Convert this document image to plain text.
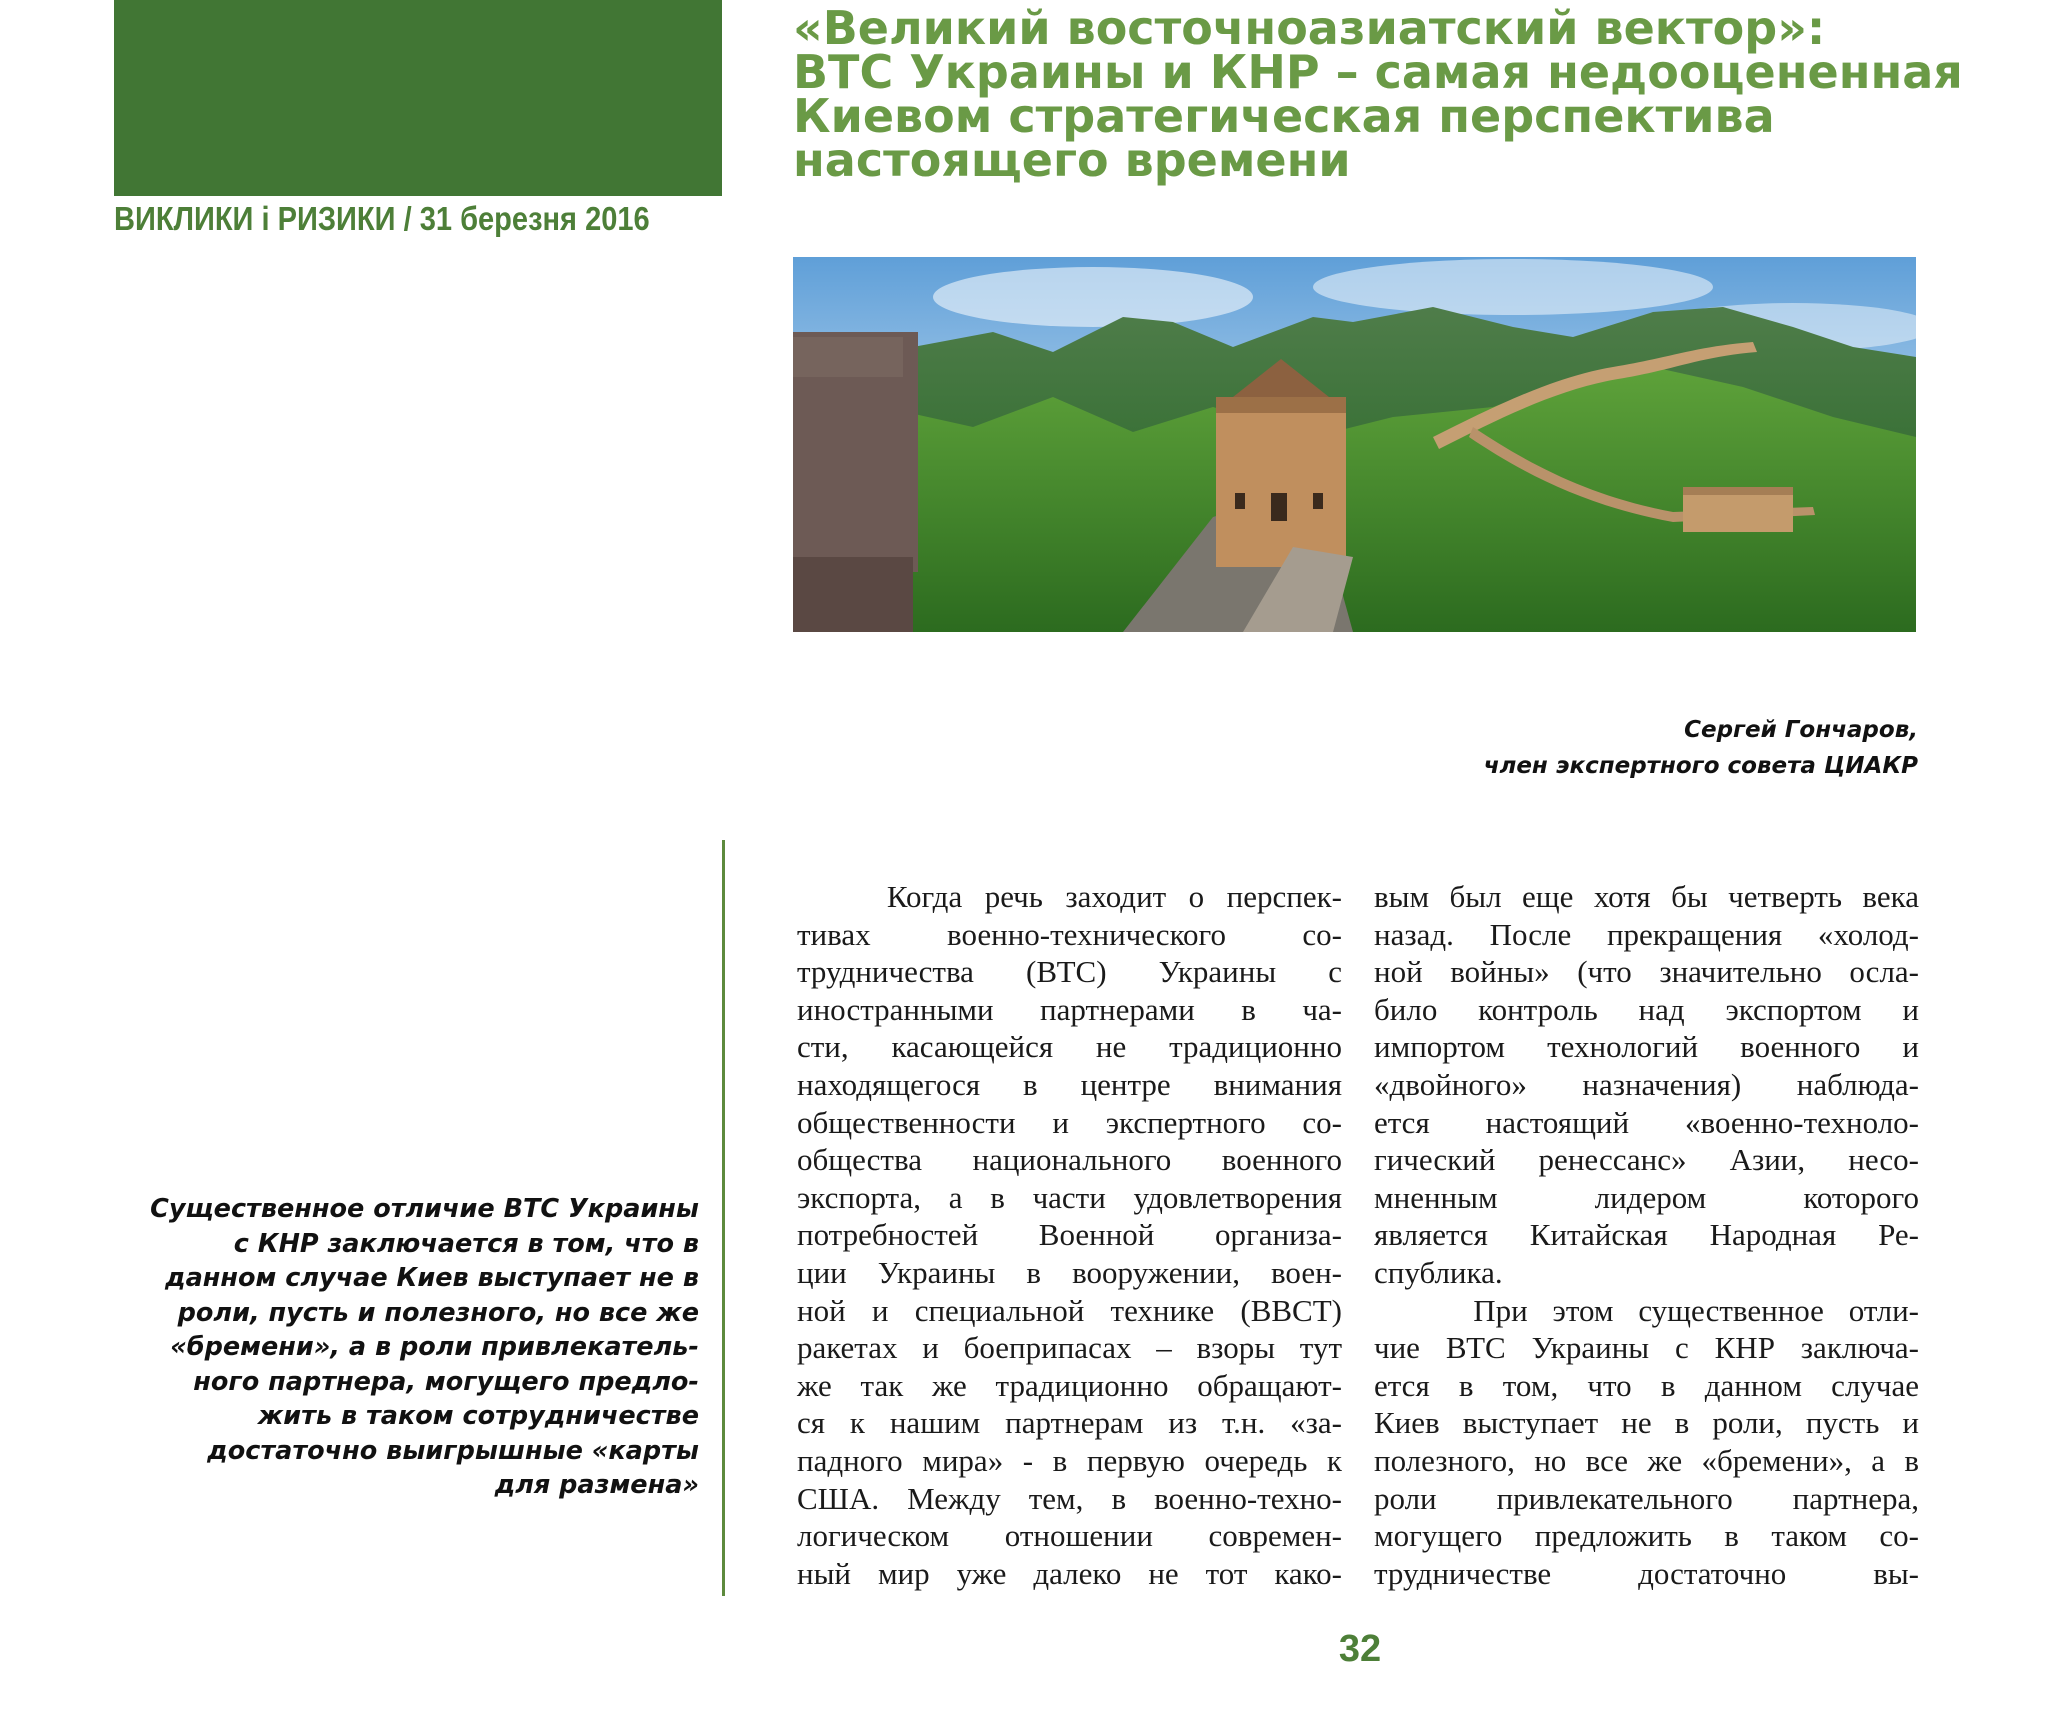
ВИКЛИКИ і РИЗИКИ / 31 березня 2016
«Великий восточноазиатский вектор»:
ВТС Украины и КНР – самая недооцененная
Киевом стратегическая перспектива
настоящего времени
Сергей Гончаров,
член экспертного совета ЦИАКР
Существенное отличие ВТС Украины
с КНР заключается в том, что в
данном случае Киев выступает не в
роли, пусть и полезного, но все же
«бремени», а в роли привлекатель-
ного партнера, могущего предло-
жить в таком сотрудничестве
достаточно выигрышные «карты
для размена»
Когда речь заходит о перспек-
тивах военно-технического со-
трудничества (ВТС) Украины с
иностранными партнерами в ча-
сти, касающейся не традиционно
находящегося в центре внимания
общественности и экспертного со-
общества национального военного
экспорта, а в части удовлетворения
потребностей Военной организа-
ции Украины в вооружении, воен-
ной и специальной технике (ВВСТ)
ракетах и боеприпасах – взоры тут
же так же традиционно обращают-
ся к нашим партнерам из т.н. «за-
падного мира» - в первую очередь к
США. Между тем, в военно-техно-
логическом отношении современ-
ный мир уже далеко не тот како-
вым был еще хотя бы четверть века
назад. После прекращения «холод-
ной войны» (что значительно осла-
било контроль над экспортом и
импортом технологий военного и
«двойного» назначения) наблюда-
ется настоящий «военно-техноло-
гический ренессанс» Азии, несо-
мненным лидером которого
является Китайская Народная Ре-
спублика.
При этом существенное отли-
чие ВТС Украины с КНР заключа-
ется в том, что в данном случае
Киев выступает не в роли, пусть и
полезного, но все же «бремени», а в
роли привлекательного партнера,
могущего предложить в таком со-
трудничестве достаточно вы-
32
